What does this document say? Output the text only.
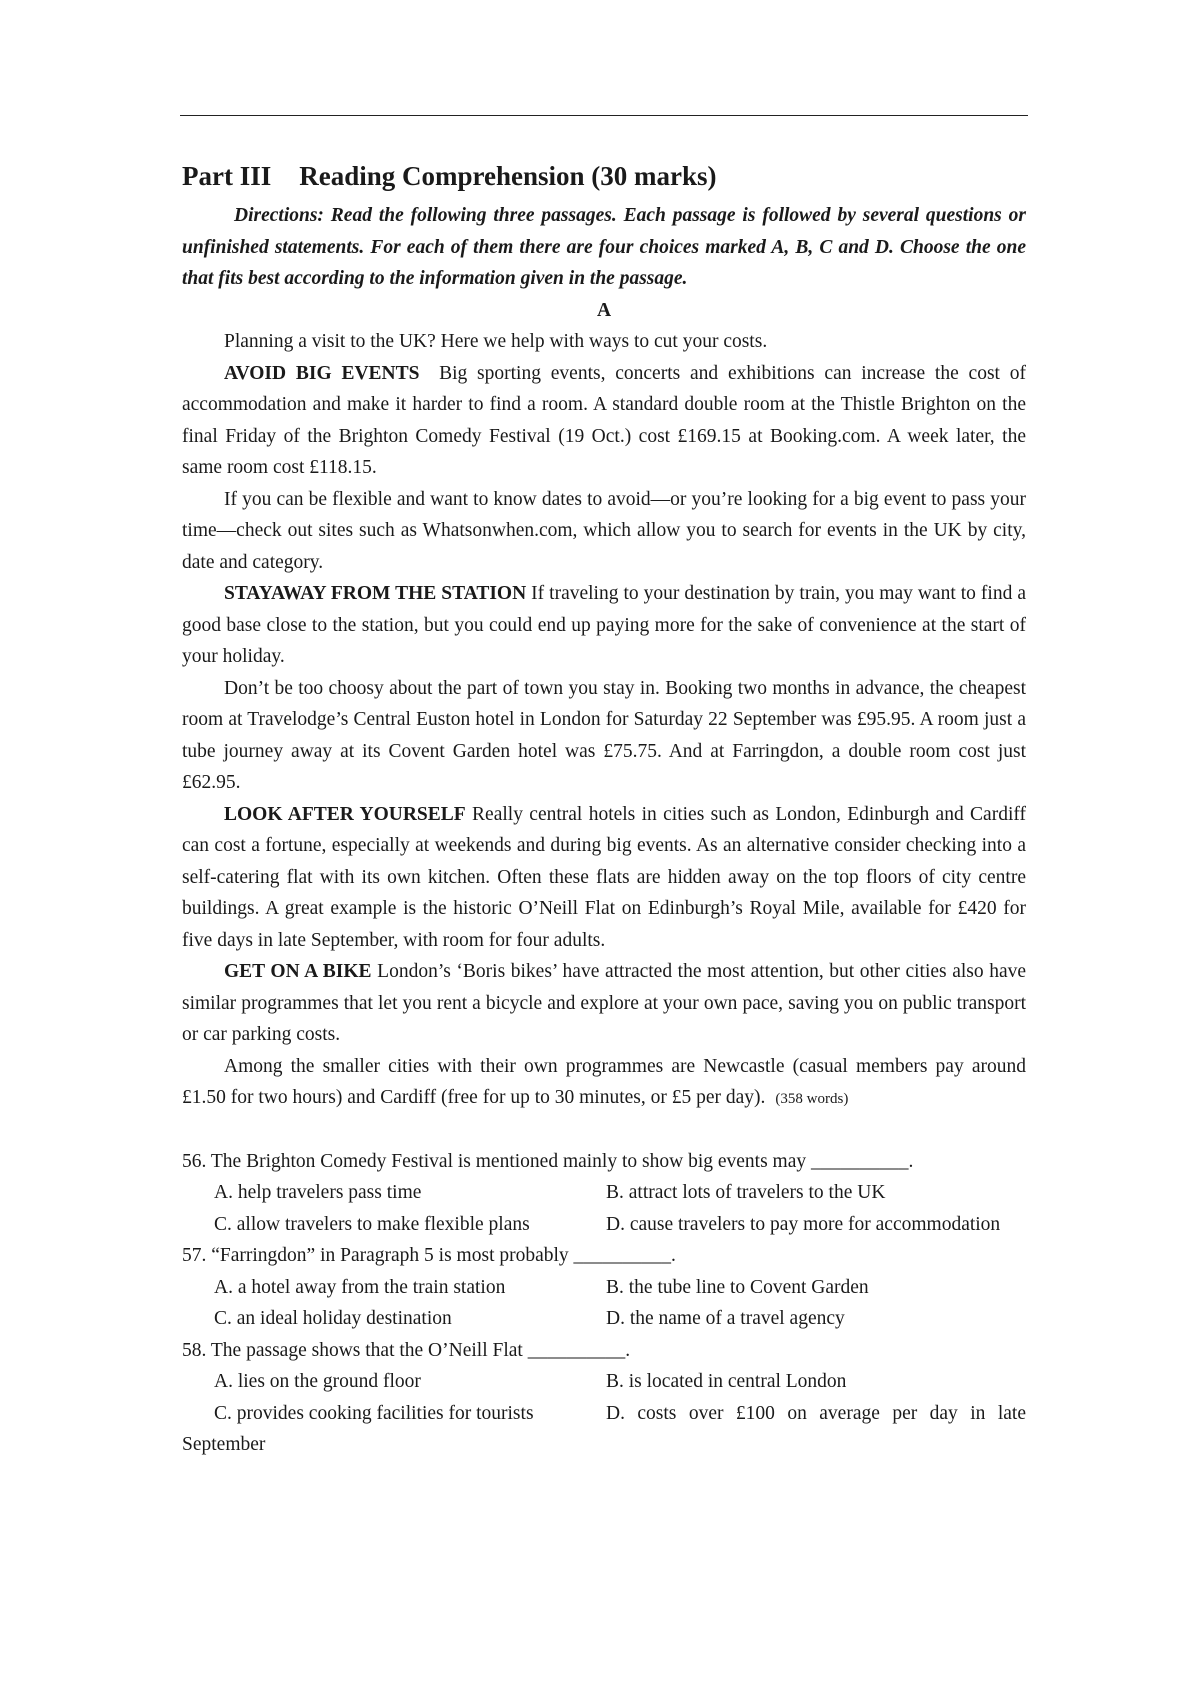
Part III Reading Comprehension (30 marks)

Directions: Read the following three passages. Each passage is followed by several questions or unfinished statements. For each of them there are four choices marked A, B, C and D. Choose the one that fits best according to the information given in the passage.

A

Planning a visit to the UK? Here we help with ways to cut your costs.

AVOID BIG EVENTS  Big sporting events, concerts and exhibitions can increase the cost of accommodation and make it harder to find a room. A standard double room at the Thistle Brighton on the final Friday of the Brighton Comedy Festival (19 Oct.) cost £169.15 at Booking.com. A week later, the same room cost £118.15.

If you can be flexible and want to know dates to avoid—or you’re looking for a big event to pass your time—check out sites such as Whatsonwhen.com, which allow you to search for events in the UK by city, date and category.

STAYAWAY FROM THE STATION If traveling to your destination by train, you may want to find a good base close to the station, but you could end up paying more for the sake of convenience at the start of your holiday.

Don’t be too choosy about the part of town you stay in. Booking two months in advance, the cheapest room at Travelodge’s Central Euston hotel in London for Saturday 22 September was £95.95. A room just a tube journey away at its Covent Garden hotel was £75.75. And at Farringdon, a double room cost just £62.95.

LOOK AFTER YOURSELF Really central hotels in cities such as London, Edinburgh and Cardiff can cost a fortune, especially at weekends and during big events. As an alternative consider checking into a self-catering flat with its own kitchen. Often these flats are hidden away on the top floors of city centre buildings. A great example is the historic O’Neill Flat on Edinburgh’s Royal Mile, available for £420 for five days in late September, with room for four adults.

GET ON A BIKE London’s ‘Boris bikes’ have attracted the most attention, but other cities also have similar programmes that let you rent a bicycle and explore at your own pace, saving you on public transport or car parking costs.

Among the smaller cities with their own programmes are Newcastle (casual members pay around £1.50 for two hours) and Cardiff (free for up to 30 minutes, or £5 per day). (358 words)

56. The Brighton Comedy Festival is mentioned mainly to show big events may __________.

A. help travelers pass time	B. attract lots of travelers to the UK

C. allow travelers to make flexible plans	D. cause travelers to pay more for accommodation

57. “Farringdon” in Paragraph 5 is most probably __________.

A. a hotel away from the train station	B. the tube line to Covent Garden
C. an ideal holiday destination	D. the name of a travel agency

58. The passage shows that the O’Neill Flat __________.

A. lies on the ground floor	B. is located in central London

C. provides cooking facilities for tourists	D. costs over £100 on average per day in late September
